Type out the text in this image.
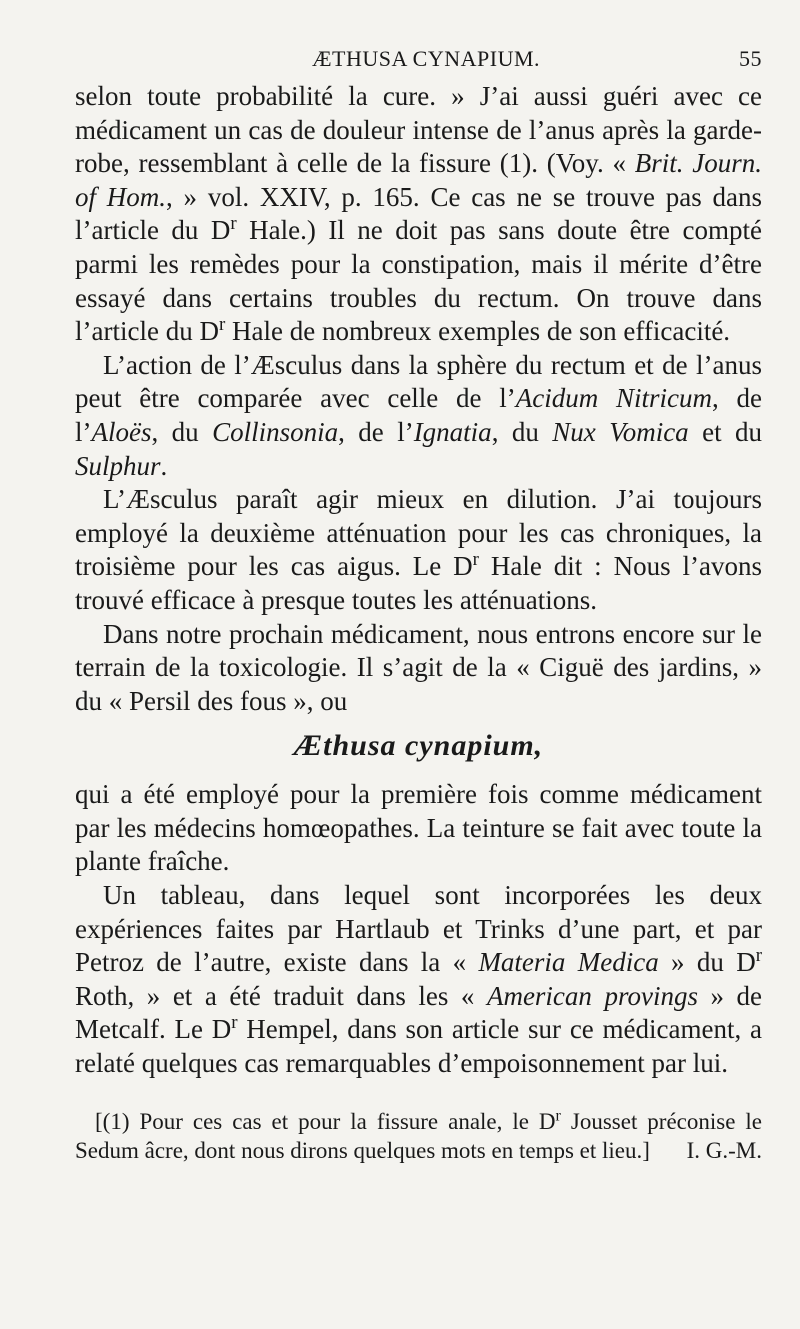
ÆTHUSA CYNAPIUM.	55

selon toute probabilité la cure. » J’ai aussi guéri avec ce médicament un cas de douleur intense de l’anus après la garde-robe, ressemblant à celle de la fissure (1). (Voy. « Brit. Journ. of Hom., » vol. XXIV, p. 165. Ce cas ne se trouve pas dans l’article du $D^r$ Hale.) Il ne doit pas sans doute être compté parmi les remèdes pour la constipation, mais il mérite d’être essayé dans certains troubles du rectum. On trouve dans l’article du $D^r$ Hale de nombreux exemples de son efficacité.

L’action de l’Æsculus dans la sphère du rectum et de l’anus peut être comparée avec celle de l’Acidum Nitricum, de l’Aloës, du Collinsonia, de l’Ignatia, du Nux Vomica et du Sulphur.

L’Æsculus paraît agir mieux en dilution. J’ai toujours employé la deuxième atténuation pour les cas chroniques, la troisième pour les cas aigus. Le $D^r$ Hale dit : Nous l’avons trouvé efficace à presque toutes les atténuations.

Dans notre prochain médicament, nous entrons encore sur le terrain de la toxicologie. Il s’agit de la « Ciguë des jardins, » du « Persil des fous », ou

Æthusa cynapium,

qui a été employé pour la première fois comme médicament par les médecins homœopathes. La teinture se fait avec toute la plante fraîche.

Un tableau, dans lequel sont incorporées les deux expériences faites par Hartlaub et Trinks d’une part, et par Petroz de l’autre, existe dans la « Materia Medica » du $D^r$ Roth, » et a été traduit dans les « American provings » de Metcalf. Le $D^r$ Hempel, dans son article sur ce médicament, a relaté quelques cas remarquables d’empoisonnement par lui.

[(1) Pour ces cas et pour la fissure anale, le $D^r$ Jousset préconise le Sedum âcre, dont nous dirons quelques mots en temps et lieu.]	I. G.-M.
